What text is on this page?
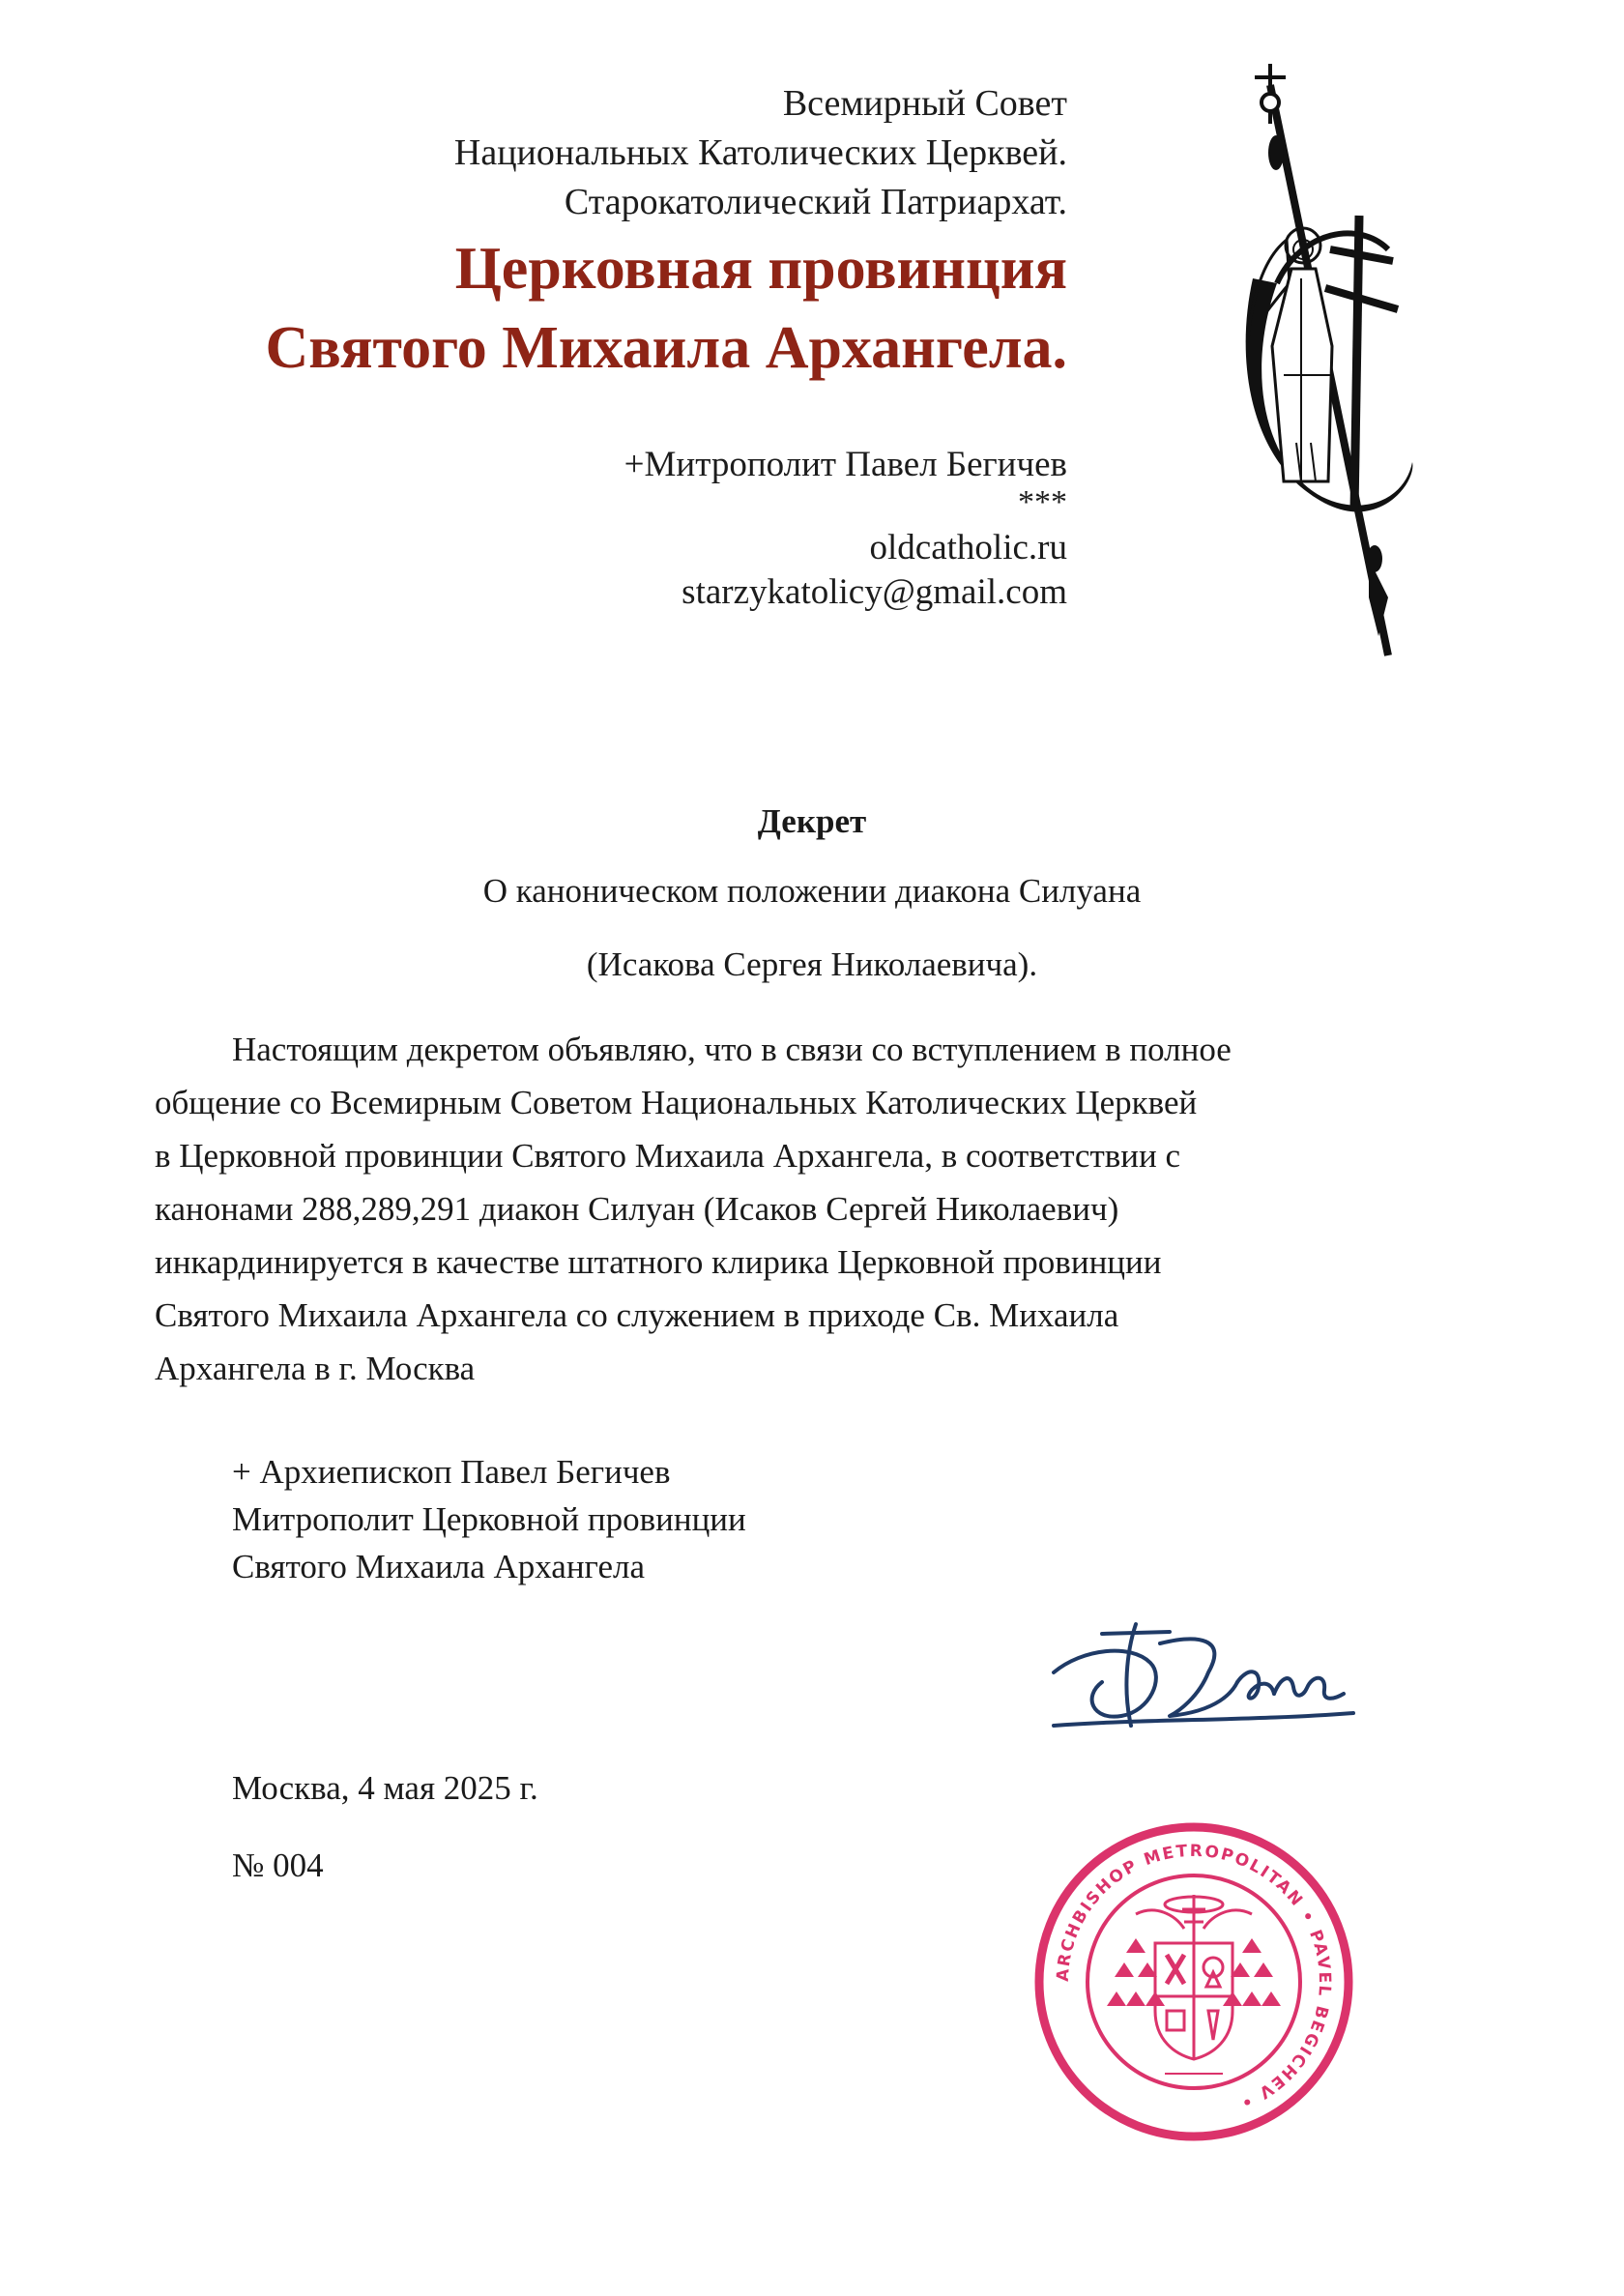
Всемирный Совет
Национальных Католических Церквей.
Старокатолический Патриархат.
Церковная провинция
Святого Михаила Архангела.
+Митрополит Павел Бегичев
***
oldcatholic.ru
starzykatolicy@gmail.com
Декрет
О каноническом положении диакона Силуана
(Исакова Сергея Николаевича).
Настоящим декретом объявляю, что в связи со вступлением в полное
общение со Всемирным Советом Национальных Католических Церквей
в Церковной провинции Святого Михаила Архангела, в соответствии с
канонами 288,289,291 диакон Силуан (Исаков Сергей Николаевич)
инкардинируется в качестве штатного клирика Церковной провинции
Святого Михаила Архангела со служением в приходе Св. Михаила
Архангела в г. Москва
+ Архиепископ Павел Бегичев
Митрополит Церковной провинции
Святого Михаила Архангела
Москва, 4 мая 2025 г.
№ 004
ARCHBISHOP METROPOLITAN • PAVEL BEGICHEV •
